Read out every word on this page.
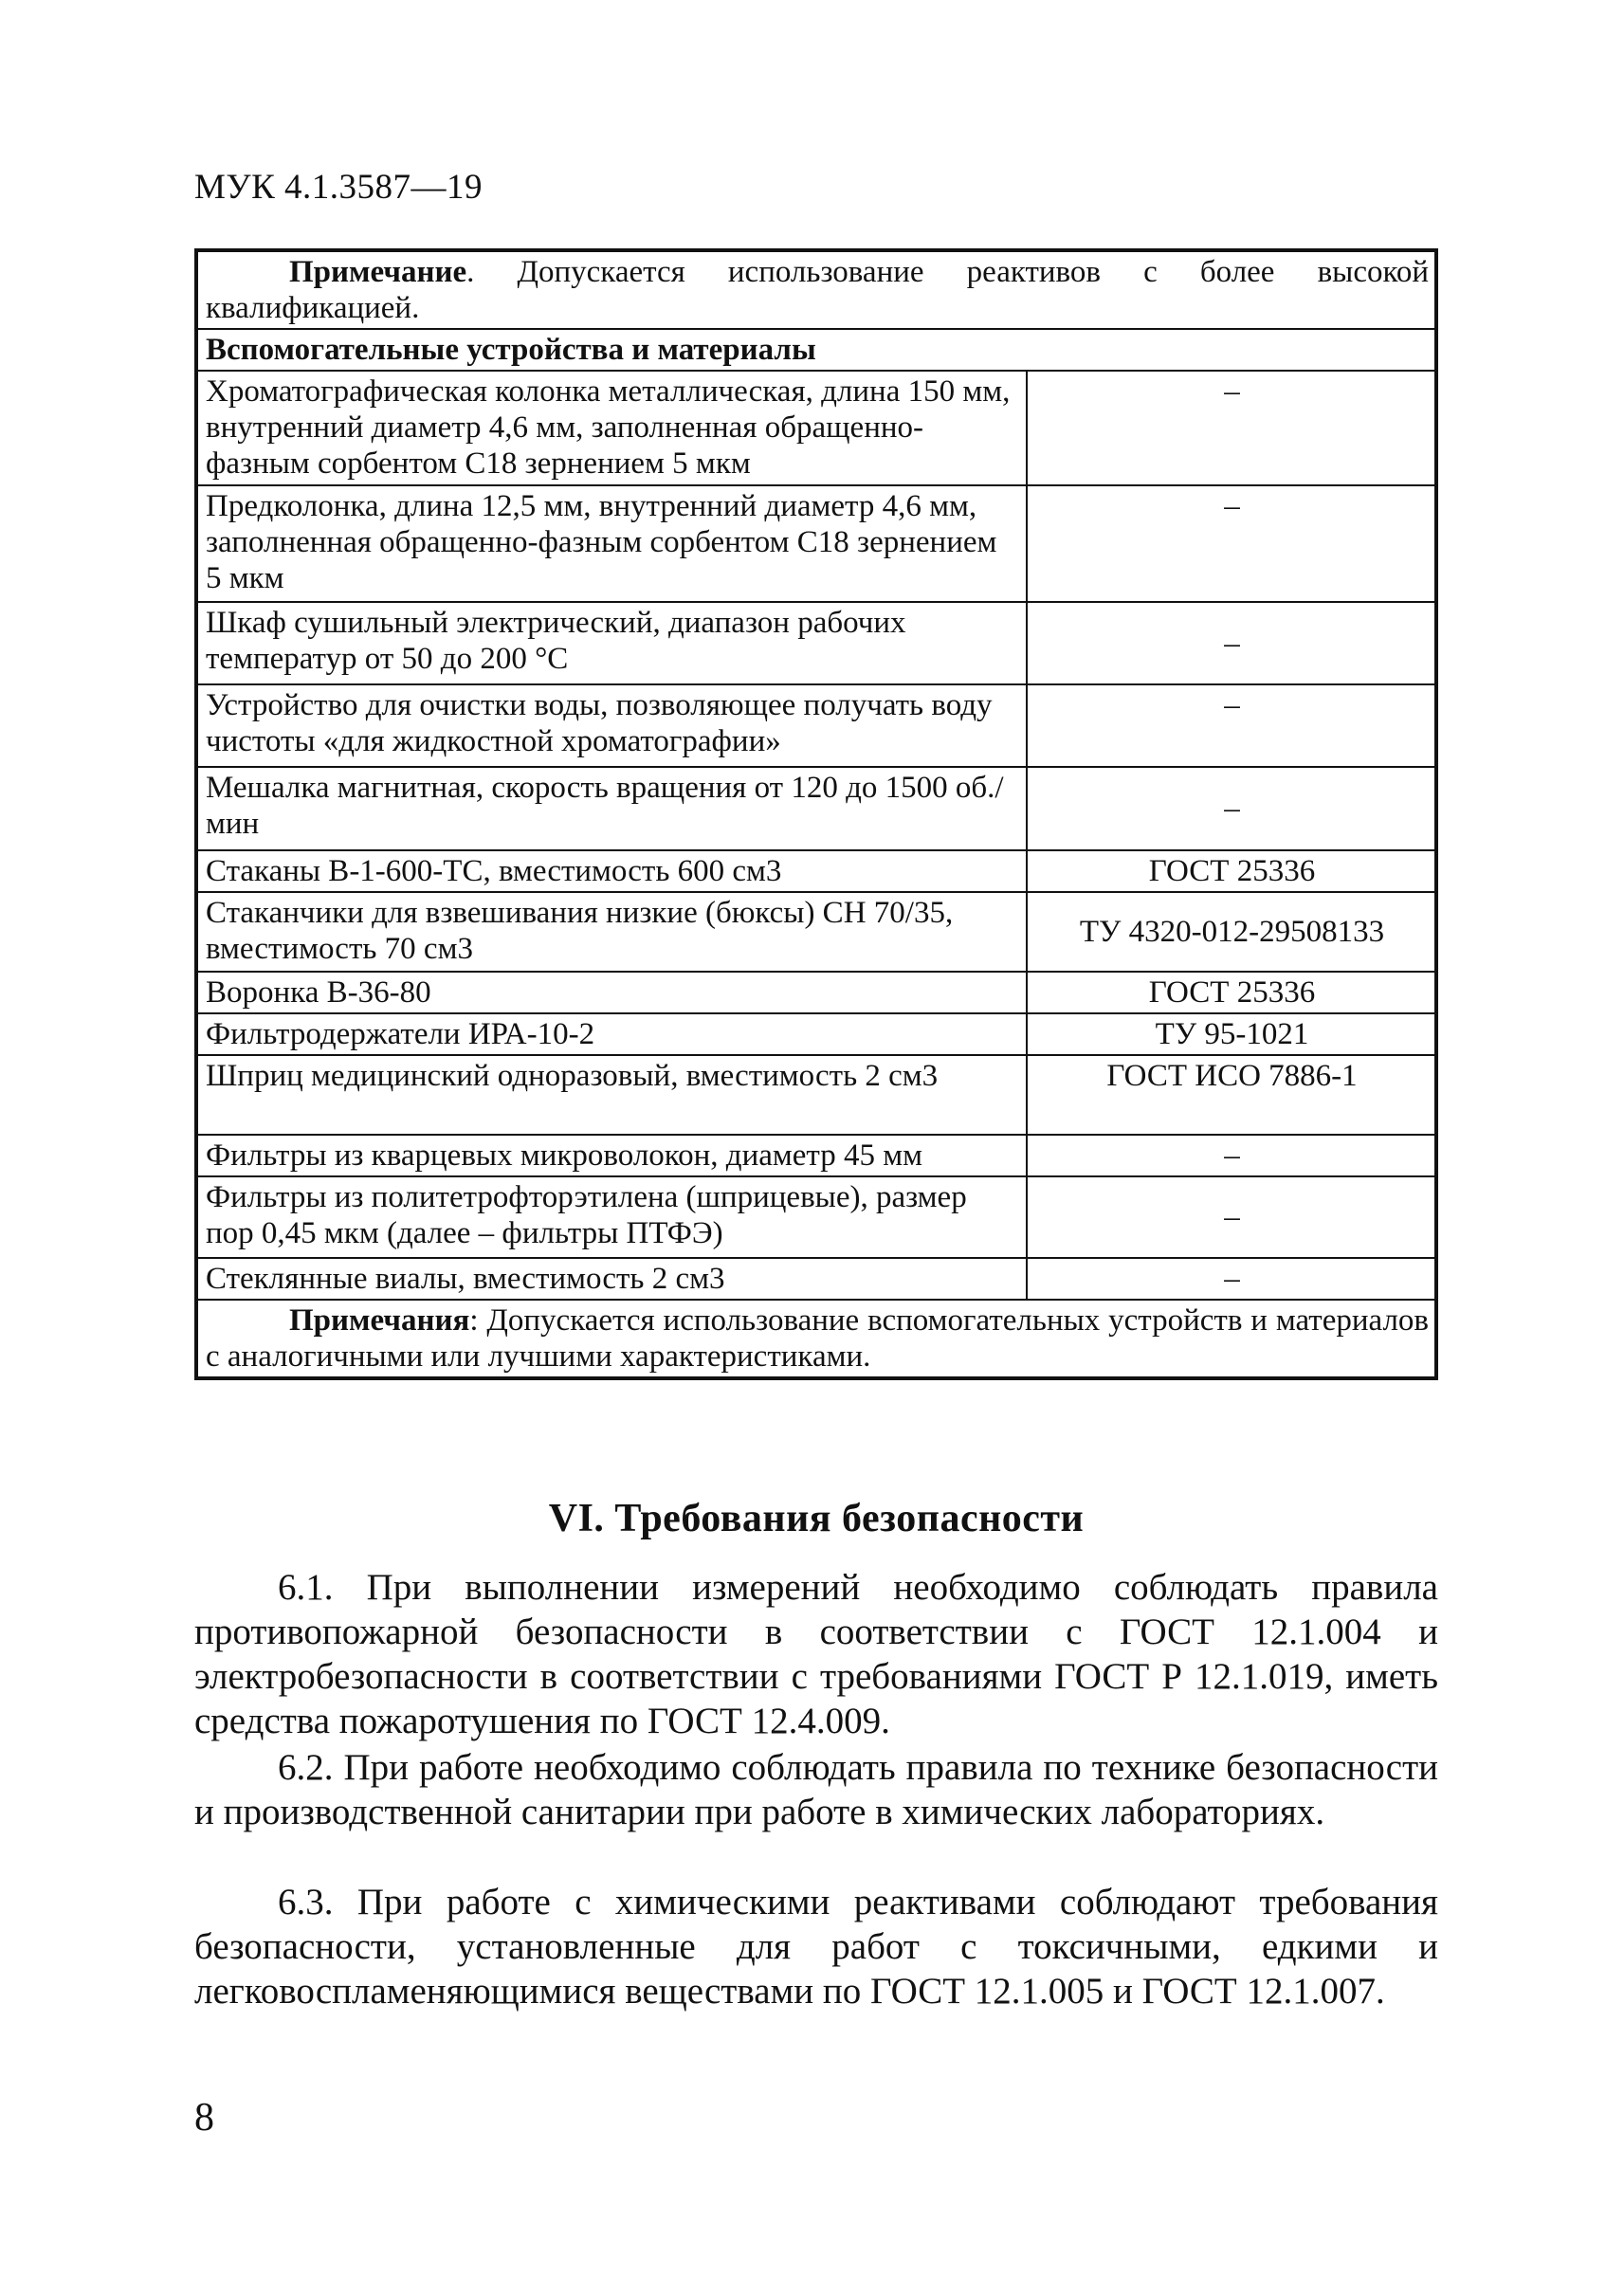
МУК 4.1.3587—19
Примечание. Допускается использование реактивов с более высокой квалификацией.	
Вспомогательные устройства и материалы	
Хроматографическая колонка металлическая, длина 150 мм, внутренний диаметр 4,6 мм, заполненная обращенно-фазным сорбентом С18 зернением 5 мкм	–
Предколонка, длина 12,5 мм, внутренний диаметр 4,6 мм, заполненная обращенно-фазным сорбентом С18 зернением 5 мкм	–
Шкаф сушильный электрический, диапазон рабочих температур от 50 до 200 °С	–
Устройство для очистки воды, позволяющее получать воду чистоты «для жидкостной хроматографии»	–
Мешалка магнитная, скорость вращения от 120 до 1500 об./мин	–
Стаканы В-1-600-ТС, вместимость 600 см3	ГОСТ 25336
Стаканчики для взвешивания низкие (бюксы) СН 70/35, вместимость 70 см3	ТУ 4320-012-29508133
Воронка В-36-80	ГОСТ 25336
Фильтродержатели ИРА-10-2	ТУ 95-1021
Шприц медицинский одноразовый, вместимость 2 см3	ГОСТ ИСО 7886-1
Фильтры из кварцевых микроволокон, диаметр 45 мм	–
Фильтры из политетрофторэтилена (шприцевые), размер пор 0,45 мкм (далее – фильтры ПТФЭ)	–
Стеклянные виалы, вместимость 2 см3	–
Примечания: Допускается использование вспомогательных устройств и материалов с аналогичными или лучшими характеристиками.	
VI. Требования безопасности

6.1. При выполнении измерений необходимо соблюдать правила противопожарной безопасности в соответствии с ГОСТ 12.1.004 и электробезопасности в соответствии с требованиями ГОСТ Р 12.1.019, иметь средства пожаротушения по ГОСТ 12.4.009.

6.2. При работе необходимо соблюдать правила по технике безопасности и производственной санитарии при работе в химических лабораториях.

6.3. При работе с химическими реактивами соблюдают требования безопасности, установленные для работ с токсичными, едкими и легковоспламеняющимися веществами по ГОСТ 12.1.005 и ГОСТ 12.1.007.

8
